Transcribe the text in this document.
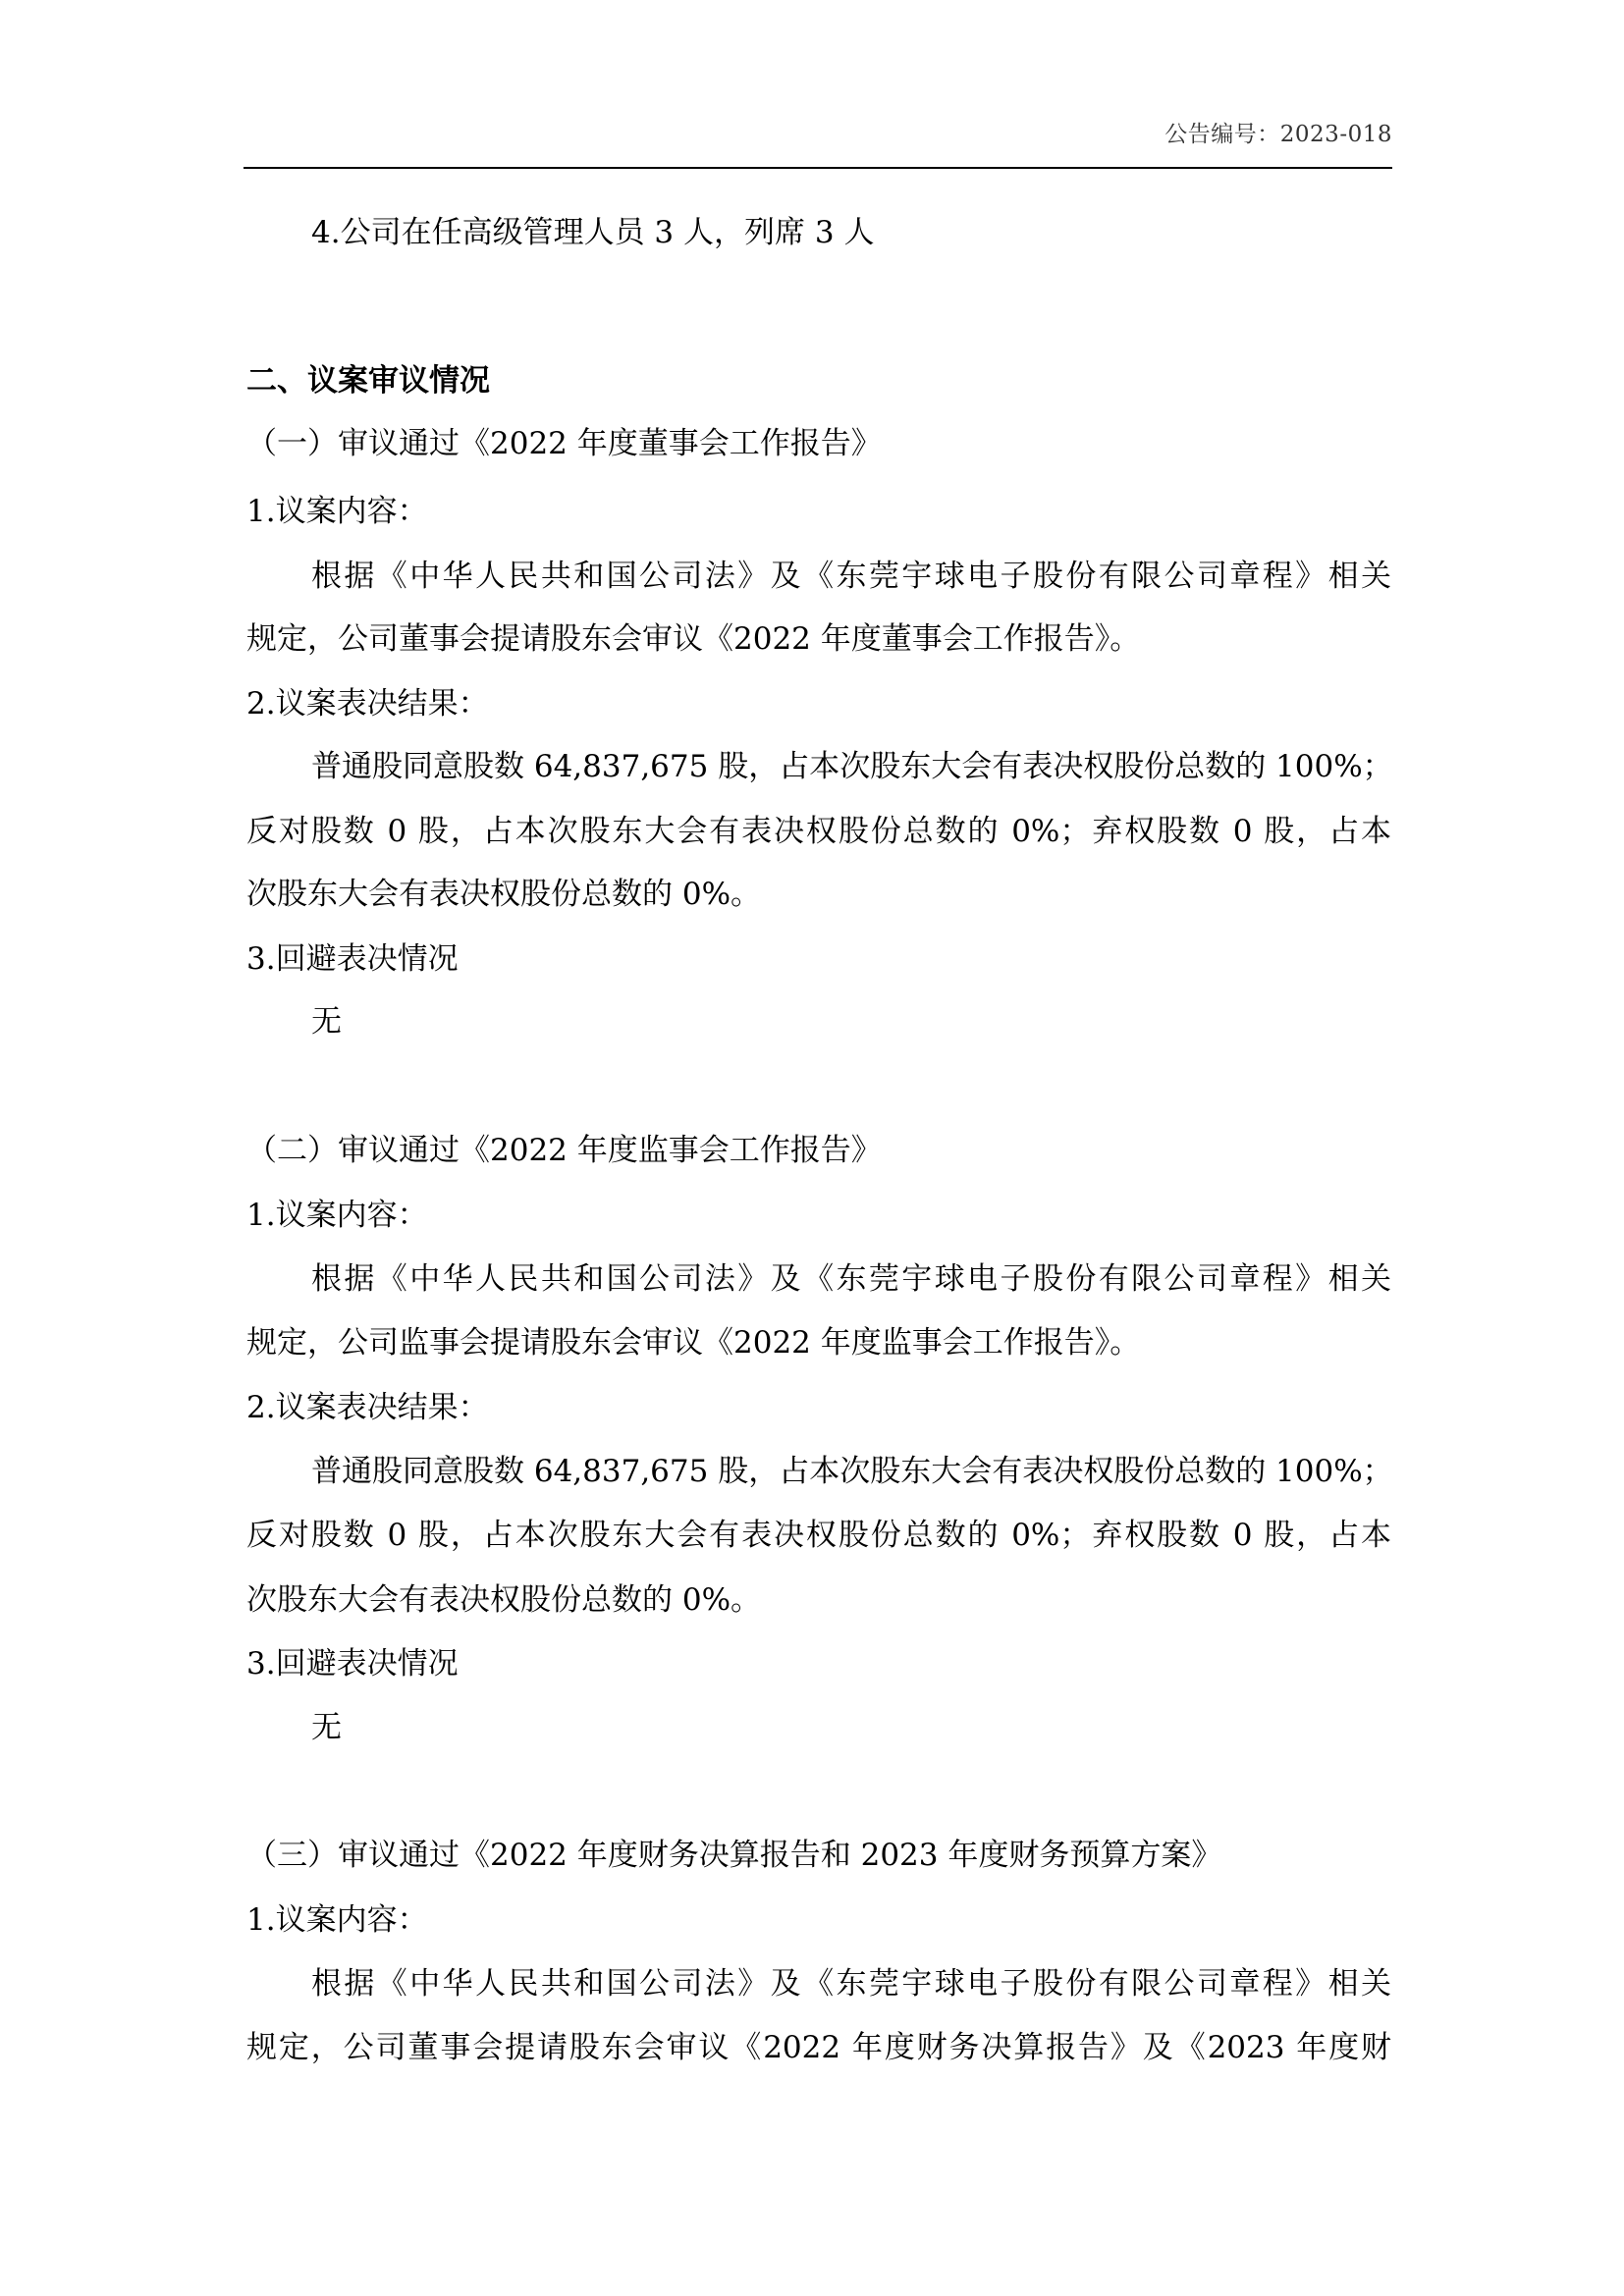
公告编号：2023-018
4.公司在任高级管理人员 3 人，列席 3 人
二、议案审议情况
（一）审议通过《2022 年度董事会工作报告》
1.议案内容：
根据《中华人民共和国公司法》及《东莞宇球电子股份有限公司章程》相关
规定，公司董事会提请股东会审议《2022 年度董事会工作报告》。
2.议案表决结果：
普通股同意股数 64,837,675 股，占本次股东大会有表决权股份总数的 100%；
反对股数 0 股，占本次股东大会有表决权股份总数的 0%；弃权股数 0 股，占本
次股东大会有表决权股份总数的 0%。
3.回避表决情况
无
（二）审议通过《2022 年度监事会工作报告》
1.议案内容：
根据《中华人民共和国公司法》及《东莞宇球电子股份有限公司章程》相关
规定，公司监事会提请股东会审议《2022 年度监事会工作报告》。
2.议案表决结果：
普通股同意股数 64,837,675 股，占本次股东大会有表决权股份总数的 100%；
反对股数 0 股，占本次股东大会有表决权股份总数的 0%；弃权股数 0 股，占本
次股东大会有表决权股份总数的 0%。
3.回避表决情况
无
（三）审议通过《2022 年度财务决算报告和 2023 年度财务预算方案》
1.议案内容：
根据《中华人民共和国公司法》及《东莞宇球电子股份有限公司章程》相关
规定，公司董事会提请股东会审议《2022 年度财务决算报告》及《2023 年度财
